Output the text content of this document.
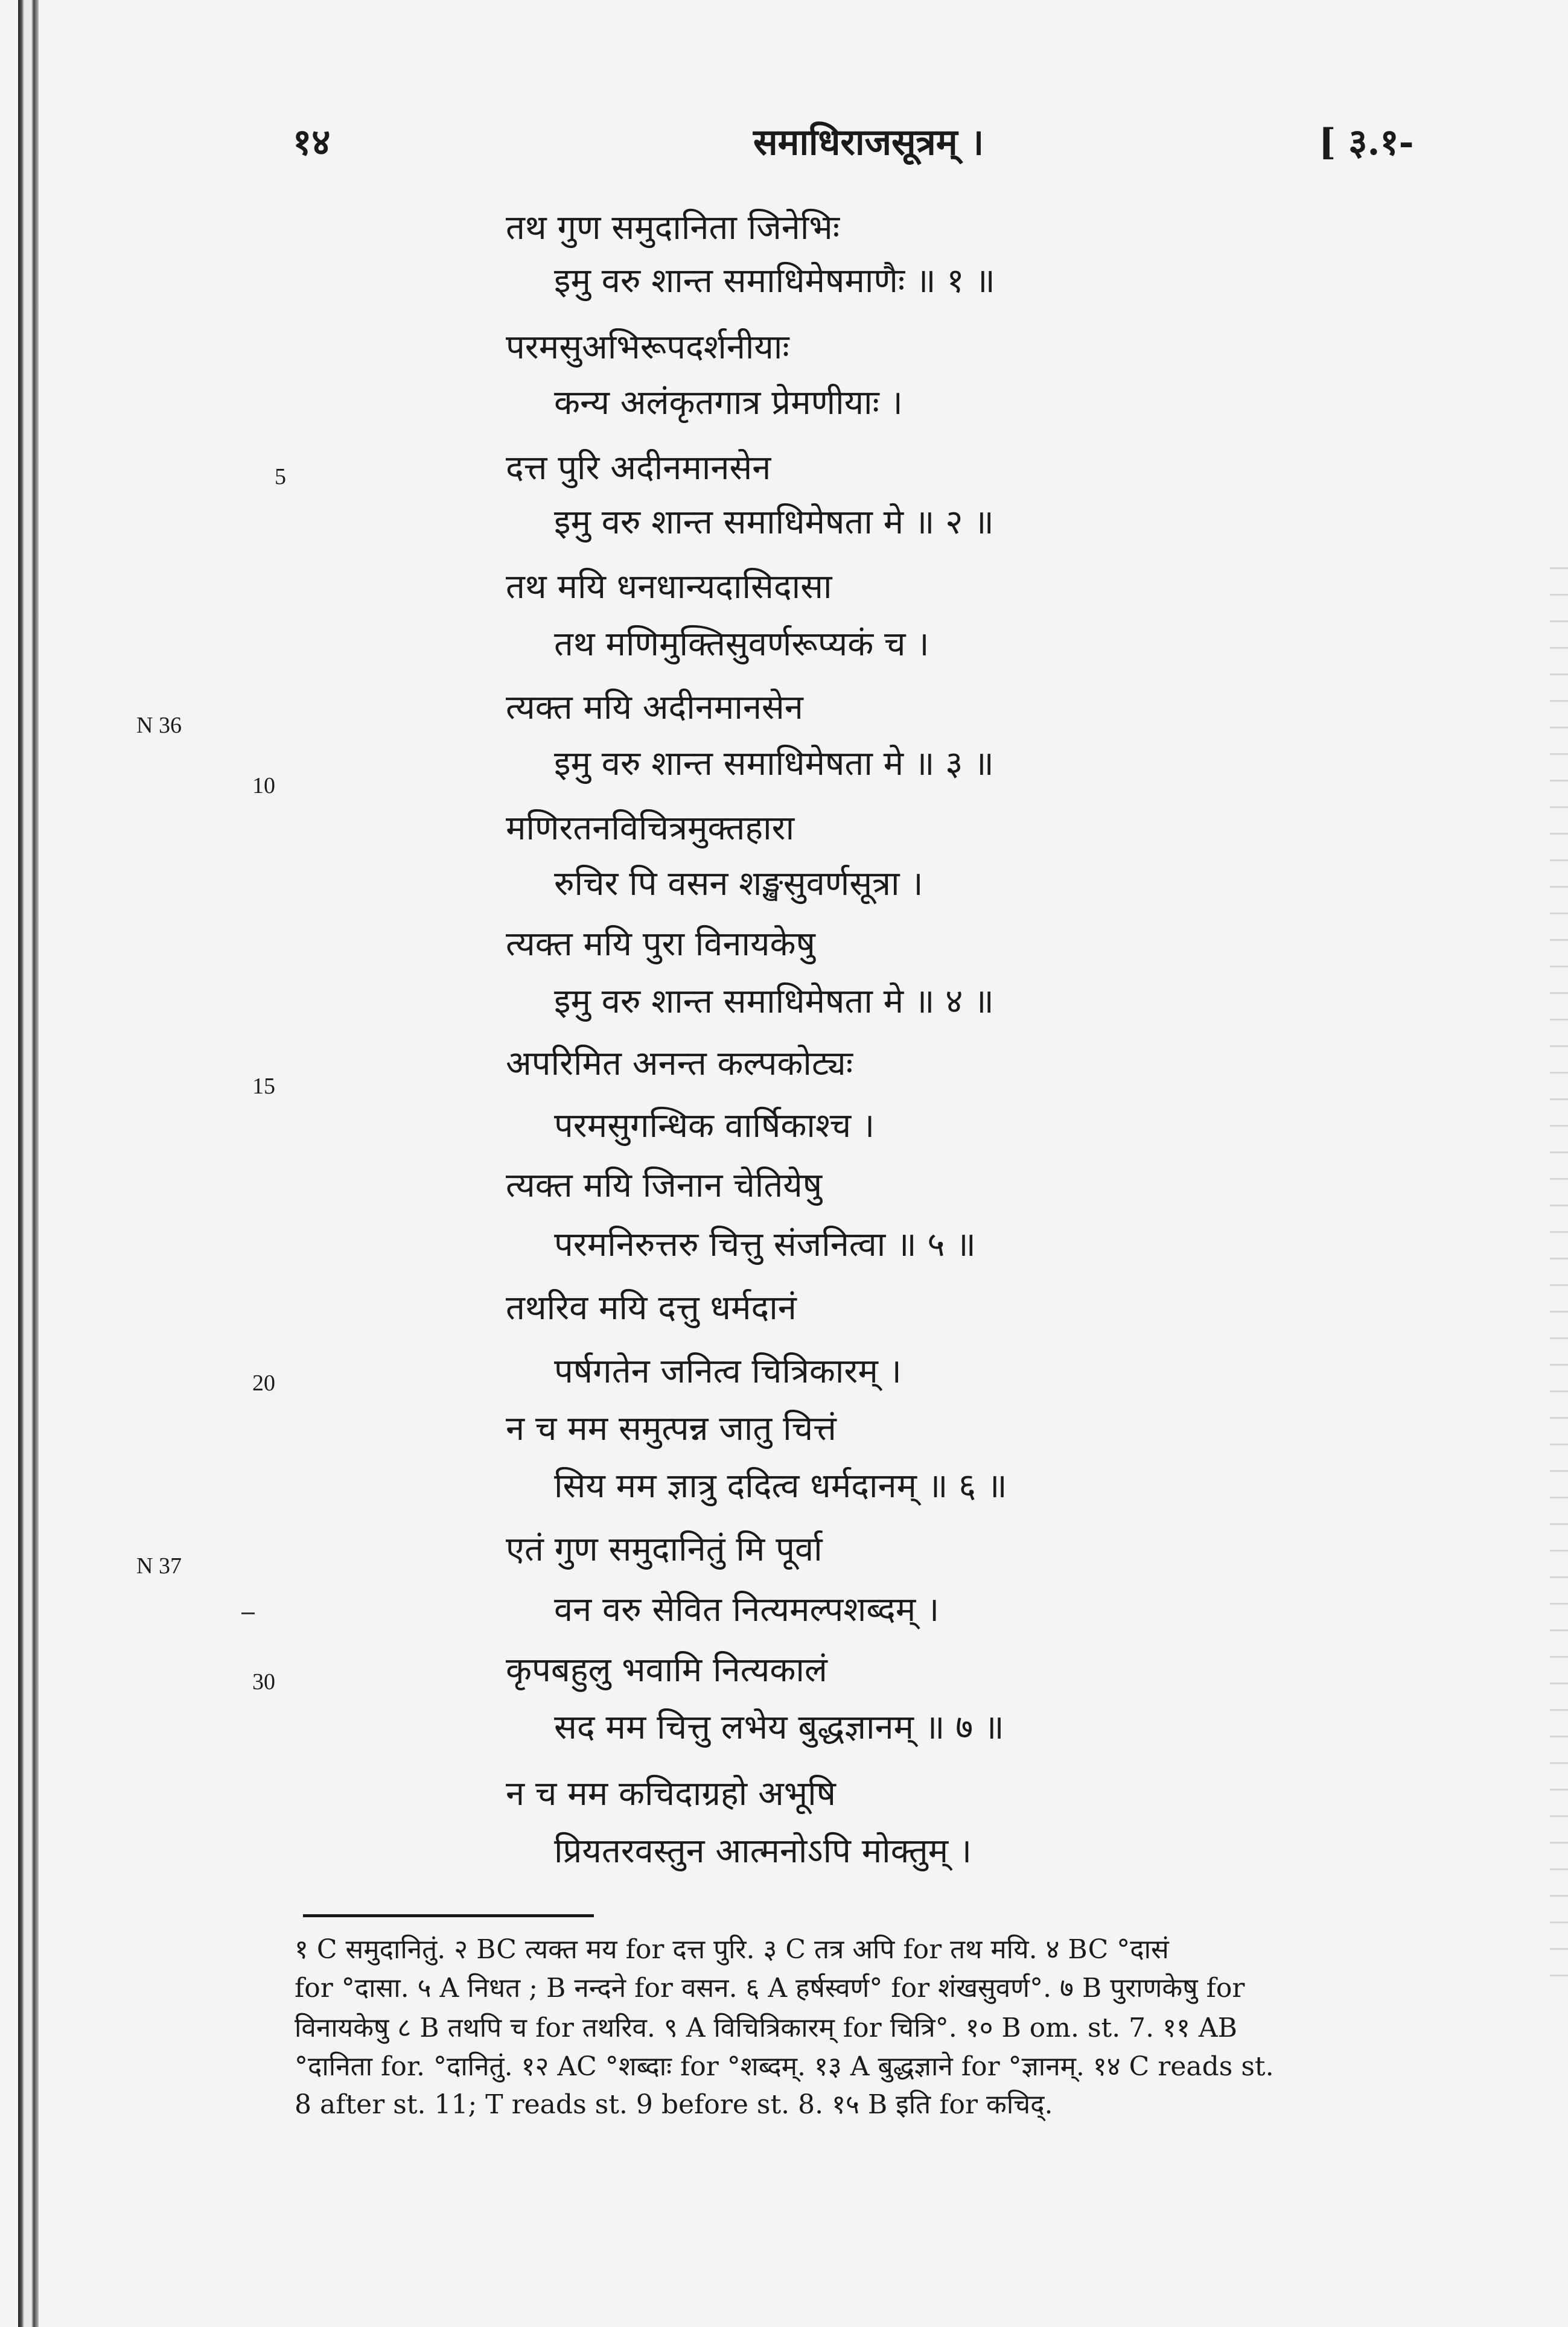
१४	समाधिराजसूत्रम् ।	[ ३.१-
5
N 36
10
15
20
N 37
30
तथ गुण समुदानिता जिनेभिः
इमु वरु शान्त समाधिमेषमाणैः ॥ १ ॥
परमसुअभिरूपदर्शनीयाः
कन्य अलंकृतगात्र प्रेमणीयाः ।
दत्त पुरि अदीनमानसेन
इमु वरु शान्त समाधिमेषता मे ॥ २ ॥
तथ मयि धनधान्यदासिदासा
तथ मणिमुक्तिसुवर्णरूप्यकं च ।
त्यक्त मयि अदीनमानसेन
इमु वरु शान्त समाधिमेषता मे ॥ ३ ॥
मणिरतनविचित्रमुक्तहारा
रुचिर पि वसन शङ्खसुवर्णसूत्रा ।
त्यक्त मयि पुरा विनायकेषु
इमु वरु शान्त समाधिमेषता मे ॥ ४ ॥
अपरिमित अनन्त कल्पकोट्यः
परमसुगन्धिक वार्षिकाश्च ।
त्यक्त मयि जिनान चेतियेषु
परमनिरुत्तरु चित्तु संजनित्वा ॥ ५ ॥
तथरिव मयि दत्तु धर्मदानं
पर्षगतेन जनित्व चित्रिकारम् ।
न च मम समुत्पन्न जातु चित्तं
सिय मम ज्ञात्रु ददित्व धर्मदानम् ॥ ६ ॥
एतं गुण समुदानितुं मि पूर्वा
वन वरु सेवित नित्यमल्पशब्दम् ।
कृपबहुलु भवामि नित्यकालं
सद मम चित्तु लभेय बुद्धज्ञानम् ॥ ७ ॥
न च मम कचिदाग्रहो अभूषि
प्रियतरवस्तुन आत्मनोऽपि मोक्तुम् ।
१ C समुदानितुं. २ BC त्यक्त मय for दत्त पुरि. ३ C तत्र अपि for तथ मयि. ४ BC °दासं
for °दासा. ५ A निधत ; B नन्दने for वसन. ६ A हर्षस्वर्ण° for शंखसुवर्ण°. ७ B पुराणकेषु for
विनायकेषु ८ B तथपि च for तथरिव. ९ A विचित्रिकारम् for चित्रि°. १० B om. st. 7. ११ AB
°दानिता for. °दानितुं. १२ AC °शब्दाः for °शब्दम्. १३ A बुद्धज्ञाने for °ज्ञानम्. १४ C reads st.
8 after st. 11; T reads st. 9 before st. 8. १५ B इति for कचिद्.
